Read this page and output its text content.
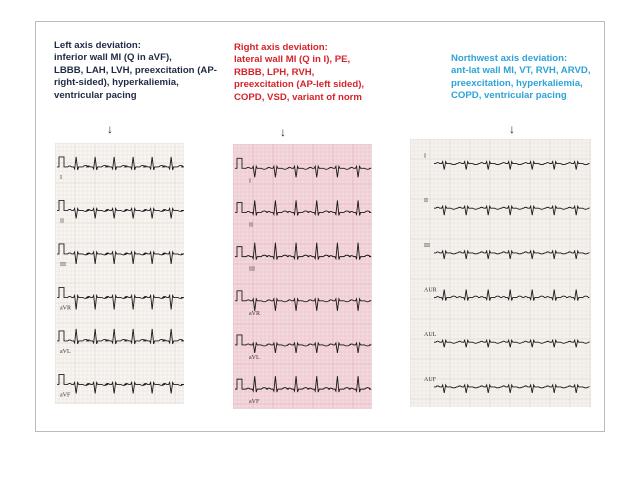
Left axis deviation:
inferior wall MI (Q in aVF),
LBBB, LAH, LVH, preexcitation (AP-
right-sided), hyperkaliemia,
ventricular pacing
↓
I
II
III
aVR
aVL
aVF
Right axis deviation:
lateral wall MI (Q in I), PE,
RBBB, LPH, RVH,
preexcitation (AP-left sided),
COPD, VSD, variant of norm
↓
I
II
III
aVR
aVL
aVF
Northwest axis deviation:
ant-lat wall MI, VT, RVH, ARVD,
preexcitation, hyperkaliemia,
COPD, ventricular pacing
↓
I
II
III
AUR
AUL
AUF
